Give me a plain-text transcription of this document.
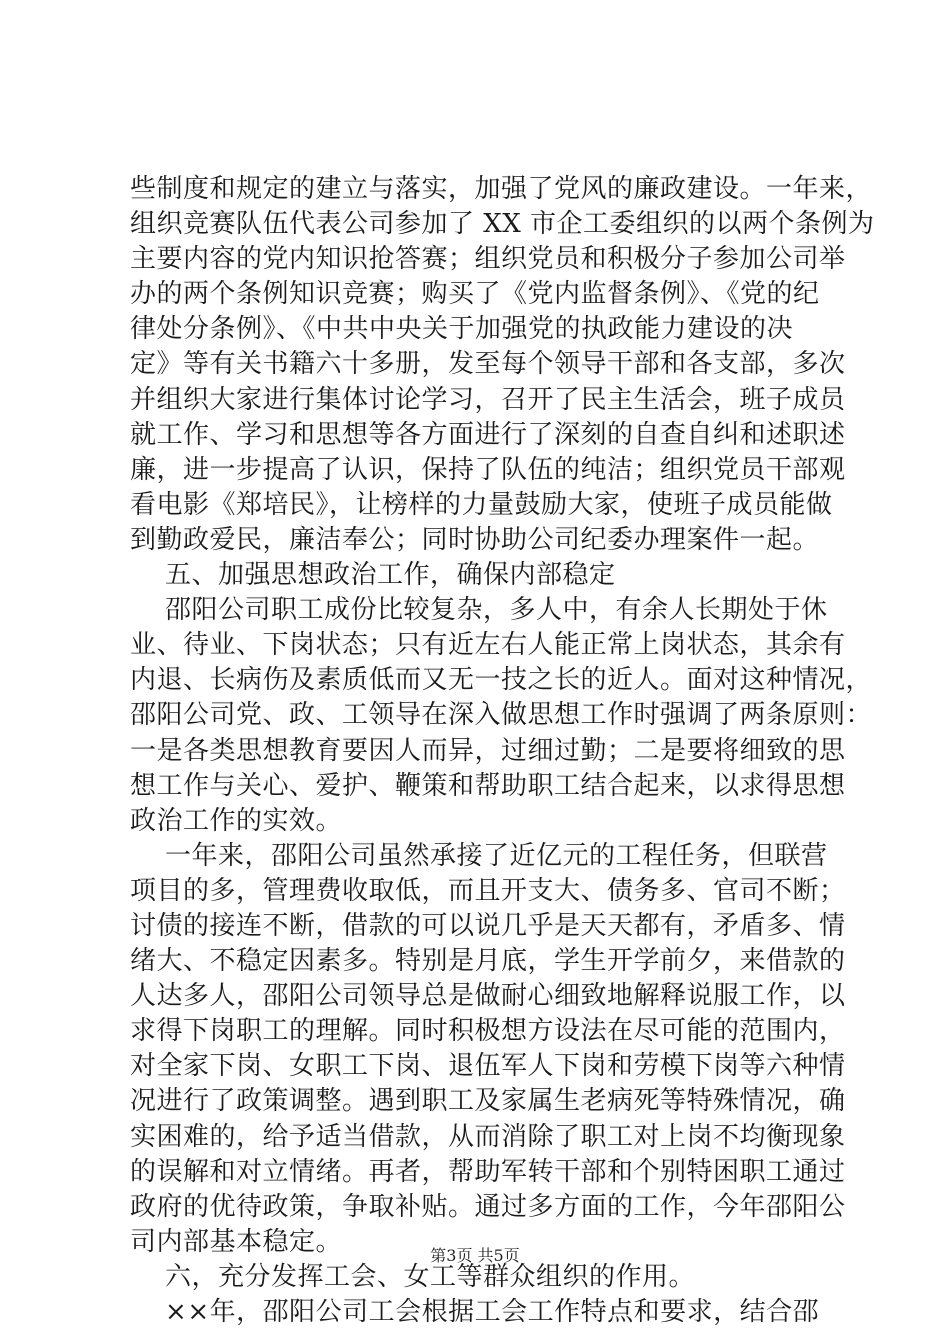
些制度和规定的建立与落实，加强了党风的廉政建设。一年来，
组织竞赛队伍代表公司参加了 XX 市企工委组织的以两个条例为
主要内容的党内知识抢答赛；组织党员和积极分子参加公司举
办的两个条例知识竞赛；购买了《党内监督条例》、《党的纪
律处分条例》、《中共中央关于加强党的执政能力建设的决
定》等有关书籍六十多册，发至每个领导干部和各支部，多次
并组织大家进行集体讨论学习，召开了民主生活会，班子成员
就工作、学习和思想等各方面进行了深刻的自查自纠和述职述
廉，进一步提高了认识，保持了队伍的纯洁；组织党员干部观
看电影《郑培民》，让榜样的力量鼓励大家，使班子成员能做
到勤政爱民，廉洁奉公；同时协助公司纪委办理案件一起。
五、加强思想政治工作，确保内部稳定
邵阳公司职工成份比较复杂，多人中，有余人长期处于休
业、待业、下岗状态；只有近左右人能正常上岗状态，其余有
内退、长病伤及素质低而又无一技之长的近人。面对这种情况，
邵阳公司党、政、工领导在深入做思想工作时强调了两条原则：
一是各类思想教育要因人而异，过细过勤；二是要将细致的思
想工作与关心、爱护、鞭策和帮助职工结合起来，以求得思想
政治工作的实效。
一年来，邵阳公司虽然承接了近亿元的工程任务，但联营
项目的多，管理费收取低，而且开支大、债务多、官司不断；
讨债的接连不断，借款的可以说几乎是天天都有，矛盾多、情
绪大、不稳定因素多。特别是月底，学生开学前夕，来借款的
人达多人，邵阳公司领导总是做耐心细致地解释说服工作，以
求得下岗职工的理解。同时积极想方设法在尽可能的范围内，
对全家下岗、女职工下岗、退伍军人下岗和劳模下岗等六种情
况进行了政策调整。遇到职工及家属生老病死等特殊情况，确
实困难的，给予适当借款，从而消除了职工对上岗不均衡现象
的误解和对立情绪。再者，帮助军转干部和个别特困职工通过
政府的优待政策，争取补贴。通过多方面的工作，今年邵阳公
司内部基本稳定。
六，充分发挥工会、女工等群众组织的作用。
××年，邵阳公司工会根据工会工作特点和要求，结合邵
第3页 共5页
